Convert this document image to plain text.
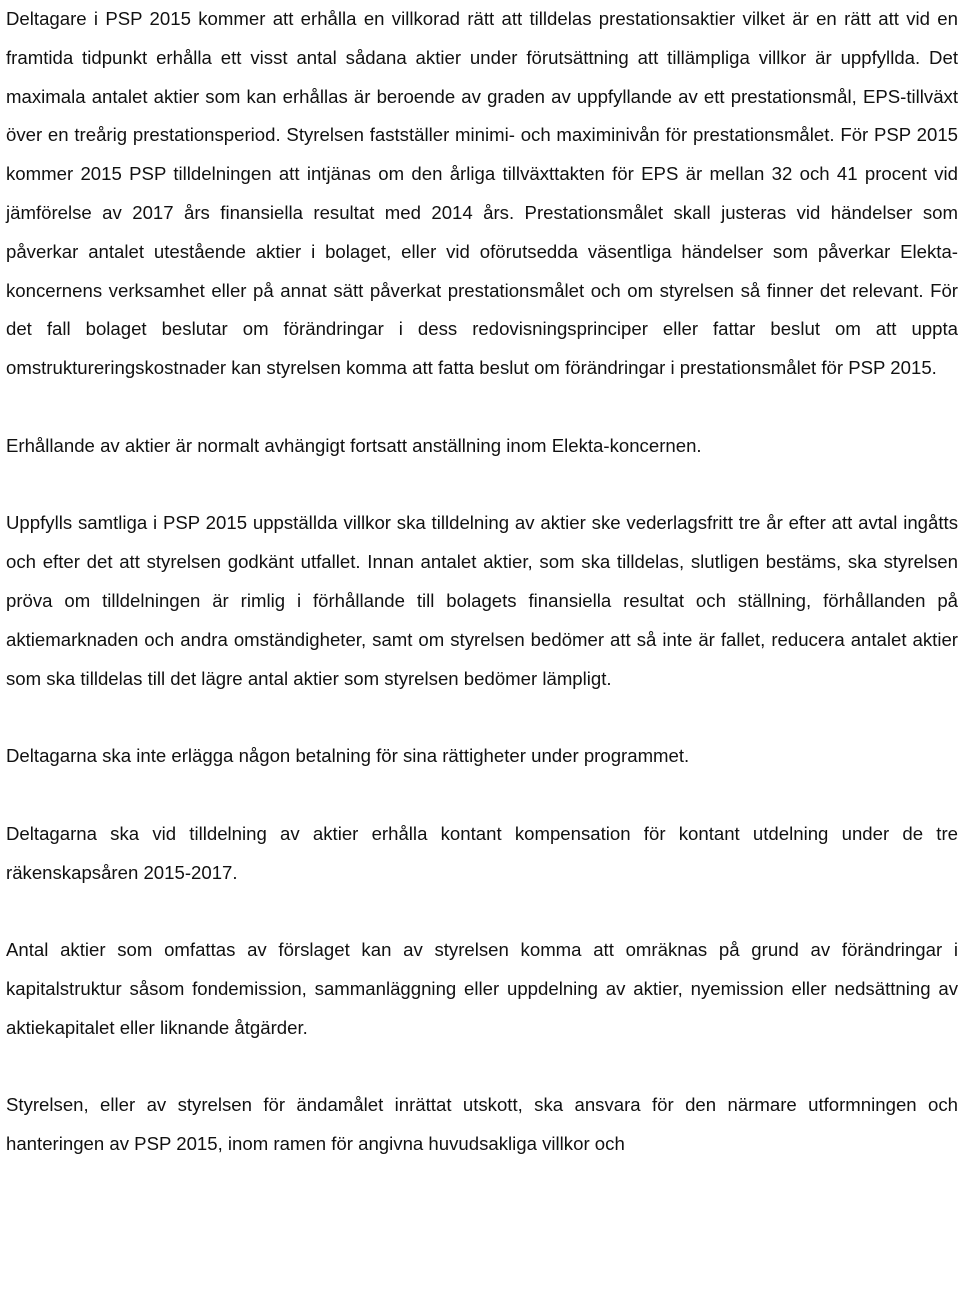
Deltagare i PSP 2015 kommer att erhålla en villkorad rätt att tilldelas prestationsaktier vilket är en rätt att vid en framtida tidpunkt erhålla ett visst antal sådana aktier under förutsättning att tillämpliga villkor är uppfyllda. Det maximala antalet aktier som kan erhållas är beroende av graden av uppfyllande av ett prestationsmål, EPS-tillväxt över en treårig prestationsperiod. Styrelsen fastställer minimi- och maximinivån för prestationsmålet. För PSP 2015 kommer 2015 PSP tilldelningen att intjänas om den årliga tillväxttakten för EPS är mellan 32 och 41 procent vid jämförelse av 2017 års finansiella resultat med 2014 års. Prestationsmålet skall justeras vid händelser som påverkar antalet utestående aktier i bolaget, eller vid oförutsedda väsentliga händelser som påverkar Elekta-koncernens verksamhet eller på annat sätt påverkat prestationsmålet och om styrelsen så finner det relevant. För det fall bolaget beslutar om förändringar i dess redovisningsprinciper eller fattar beslut om att uppta omstruktureringskostnader kan styrelsen komma att fatta beslut om förändringar i prestationsmålet för PSP 2015.

Erhållande av aktier är normalt avhängigt fortsatt anställning inom Elekta-koncernen.

Uppfylls samtliga i PSP 2015 uppställda villkor ska tilldelning av aktier ske vederlagsfritt tre år efter att avtal ingåtts och efter det att styrelsen godkänt utfallet. Innan antalet aktier, som ska tilldelas, slutligen bestäms, ska styrelsen pröva om tilldelningen är rimlig i förhållande till bolagets finansiella resultat och ställning, förhållanden på aktiemarknaden och andra omständigheter, samt om styrelsen bedömer att så inte är fallet, reducera antalet aktier som ska tilldelas till det lägre antal aktier som styrelsen bedömer lämpligt.

Deltagarna ska inte erlägga någon betalning för sina rättigheter under programmet.

Deltagarna ska vid tilldelning av aktier erhålla kontant kompensation för kontant utdelning under de tre räkenskapsåren 2015-2017.

Antal aktier som omfattas av förslaget kan av styrelsen komma att omräknas på grund av förändringar i kapitalstruktur såsom fondemission, sammanläggning eller uppdelning av aktier, nyemission eller nedsättning av aktiekapitalet eller liknande åtgärder.

Styrelsen, eller av styrelsen för ändamålet inrättat utskott, ska ansvara för den närmare utformningen och hanteringen av PSP 2015, inom ramen för angivna huvudsakliga villkor och
